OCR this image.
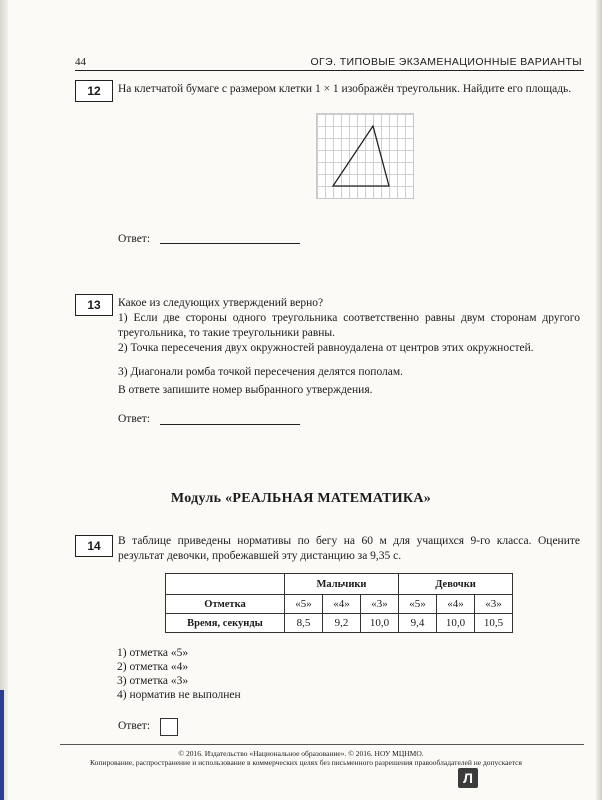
44	ОГЭ. ТИПОВЫЕ ЭКЗАМЕНАЦИОННЫЕ ВАРИАНТЫ
12	На клетчатой бумаге с размером клетки 1 × 1 изображён треугольник. Найдите его площадь.
Ответ:
13	Какое из следующих утверждений верно?
1) Если две стороны одного треугольника соответственно равны двум сторонам другого треугольника, то такие треугольники равны.
2) Точка пересечения двух окружностей равноудалена от центров этих окружностей.
3) Диагонали ромба точкой пересечения делятся пополам.
В ответе запишите номер выбранного утверждения.
Ответ:
Модуль «РЕАЛЬНАЯ МАТЕМАТИКА»
14	В таблице приведены нормативы по бегу на 60 м для учащихся 9-го класса. Оцените результат девочки, пробежавшей эту дистанцию за 9,35 с.
	Мальчики			Девочки		
Отметка	«5»	«4»	«3»	«5»	«4»	«3»
Время, секунды	8,5	9,2	10,0	9,4	10,0	10,5
1) отметка «5»
2) отметка «4»
3) отметка «3»
4) норматив не выполнен
Ответ:
© 2016. Издательство «Национальное образование». © 2016. НОУ МЦНМО.
Копирование, распространение и использование в коммерческих целях без письменного разрешения правообладателей не допускается
Л
